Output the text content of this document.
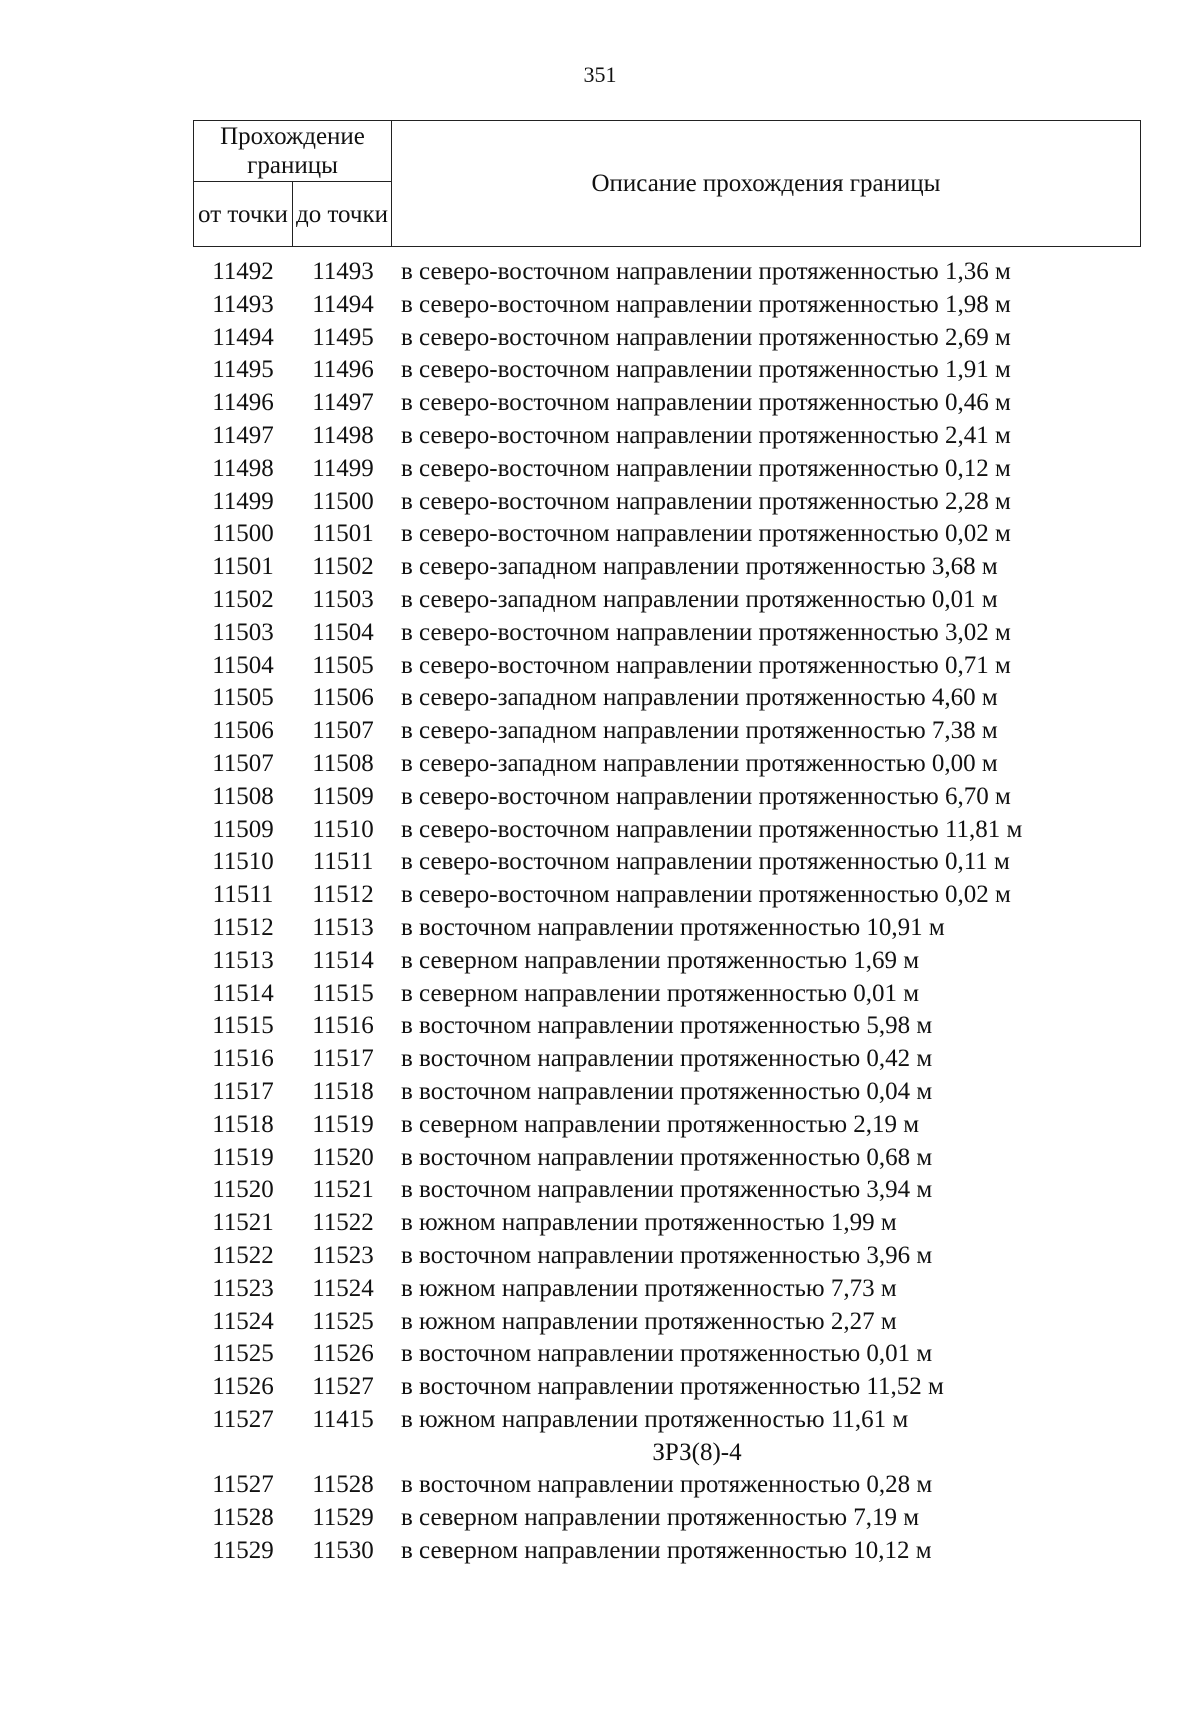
351
Прохождение границы		Описание прохождения границы
от точки	до точки	
11492	11493	в северо-восточном направлении протяженностью 1,36 м
11493	11494	в северо-восточном направлении протяженностью 1,98 м
11494	11495	в северо-восточном направлении протяженностью 2,69 м
11495	11496	в северо-восточном направлении протяженностью 1,91 м
11496	11497	в северо-восточном направлении протяженностью 0,46 м
11497	11498	в северо-восточном направлении протяженностью 2,41 м
11498	11499	в северо-восточном направлении протяженностью 0,12 м
11499	11500	в северо-восточном направлении протяженностью 2,28 м
11500	11501	в северо-восточном направлении протяженностью 0,02 м
11501	11502	в северо-западном направлении протяженностью 3,68 м
11502	11503	в северо-западном направлении протяженностью 0,01 м
11503	11504	в северо-восточном направлении протяженностью 3,02 м
11504	11505	в северо-восточном направлении протяженностью 0,71 м
11505	11506	в северо-западном направлении протяженностью 4,60 м
11506	11507	в северо-западном направлении протяженностью 7,38 м
11507	11508	в северо-западном направлении протяженностью 0,00 м
11508	11509	в северо-восточном направлении протяженностью 6,70 м
11509	11510	в северо-восточном направлении протяженностью 11,81 м
11510	11511	в северо-восточном направлении протяженностью 0,11 м
11511	11512	в северо-восточном направлении протяженностью 0,02 м
11512	11513	в восточном направлении протяженностью 10,91 м
11513	11514	в северном направлении протяженностью 1,69 м
11514	11515	в северном направлении протяженностью 0,01 м
11515	11516	в восточном направлении протяженностью 5,98 м
11516	11517	в восточном направлении протяженностью 0,42 м
11517	11518	в восточном направлении протяженностью 0,04 м
11518	11519	в северном направлении протяженностью 2,19 м
11519	11520	в восточном направлении протяженностью 0,68 м
11520	11521	в восточном направлении протяженностью 3,94 м
11521	11522	в южном направлении протяженностью 1,99 м
11522	11523	в восточном направлении протяженностью 3,96 м
11523	11524	в южном направлении протяженностью 7,73 м
11524	11525	в южном направлении протяженностью 2,27 м
11525	11526	в восточном направлении протяженностью 0,01 м
11526	11527	в восточном направлении протяженностью 11,52 м
11527	11415	в южном направлении протяженностью 11,61 м
ЗРЗ(8)-4
11527	11528	в восточном направлении протяженностью 0,28 м
11528	11529	в северном направлении протяженностью 7,19 м
11529	11530	в северном направлении протяженностью 10,12 м
